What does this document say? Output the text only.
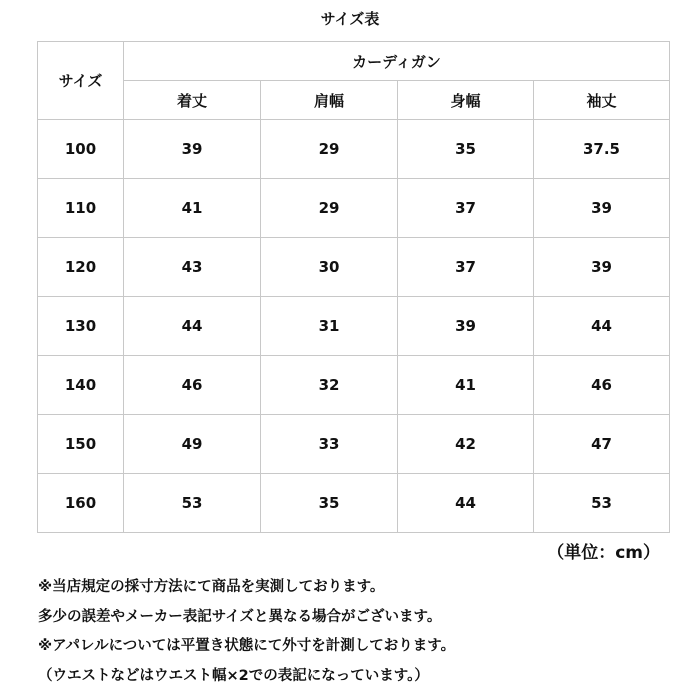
サイズ表
サイズ	カーディガン			
	着丈	肩幅	身幅	袖丈
100	39	29	35	37.5
110	41	29	37	39
120	43	30	37	39
130	44	31	39	44
140	46	32	41	46
150	49	33	42	47
160	53	35	44	53
（単位：cm）
※当店規定の採寸方法にて商品を実測しております。
多少の誤差やメーカー表記サイズと異なる場合がございます。
※アパレルについては平置き状態にて外寸を計測しております。
（ウエストなどはウエスト幅×2での表記になっています。）
